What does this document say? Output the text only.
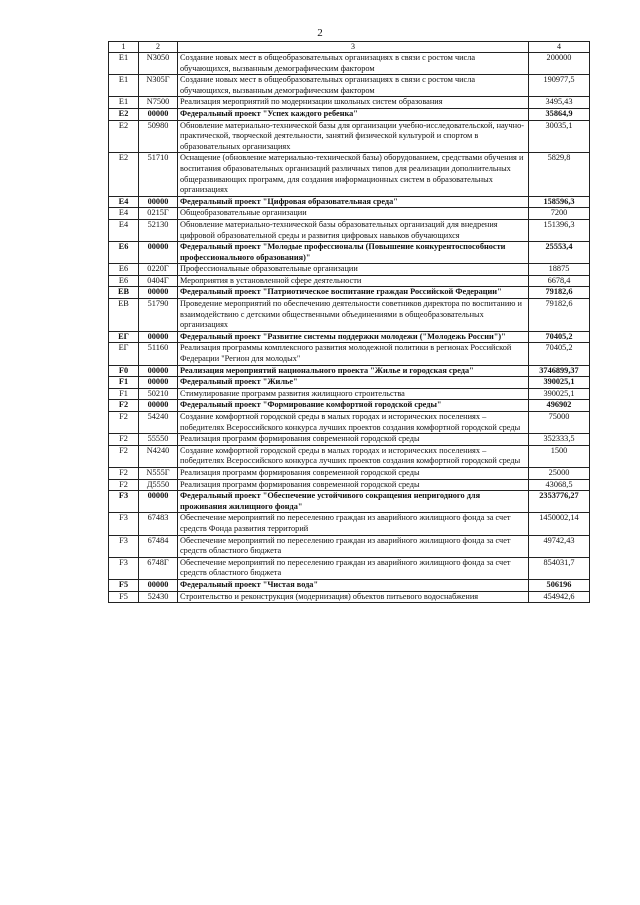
2
1	2	3	4
E1	N3050	Создание новых мест в общеобразовательных организациях в связи с ростом числа обучающихся, вызванным демографическим фактором	200000
E1	N305Г	Создание новых мест в общеобразовательных организациях в связи с ростом числа обучающихся, вызванным демографическим фактором	190977,5
E1	N7500	Реализация мероприятий по модернизации школьных систем образования	3495,43
E2	00000	Федеральный проект "Успех каждого ребенка"	35864,9
E2	50980	Обновление материально-технической базы для организации учебно-исследовательской, научно-практической, творческой деятельности, занятий физической культурой и спортом в образовательных организациях	30035,1
E2	51710	Оснащение (обновление материально-технической базы) оборудованием, средствами обучения и воспитания образовательных организаций различных типов для реализации дополнительных общеразвивающих программ, для создания информационных систем в образовательных организациях	5829,8
E4	00000	Федеральный проект "Цифровая образовательная среда"	158596,3
E4	0215Г	Общеобразовательные организации	7200
E4	52130	Обновление материально-технической базы образовательных организаций для внедрения цифровой образовательной среды и развития цифровых навыков обучающихся	151396,3
E6	00000	Федеральный проект "Молодые профессионалы (Повышение конкурентоспособности профессионального образования)"	25553,4
E6	0220Г	Профессиональные образовательные организации	18875
E6	0404Г	Мероприятия в установленной сфере деятельности	6678,4
EВ	00000	Федеральный проект "Патриотическое воспитание граждан Российской Федерации"	79182,6
EВ	51790	Проведение мероприятий по обеспечению деятельности советников директора по воспитанию и взаимодействию с детскими общественными объединениями в общеобразовательных организациях	79182,6
EГ	00000	Федеральный проект "Развитие системы поддержки молодежи ("Молодежь России")"	70405,2
EГ	51160	Реализация программы комплексного развития молодежной политики в регионах Российской Федерации "Регион для молодых"	70405,2
F0	00000	Реализация мероприятий национального проекта "Жилье и городская среда"	3746899,37
F1	00000	Федеральный проект "Жилье"	390025,1
F1	50210	Стимулирование программ развития жилищного строительства	390025,1
F2	00000	Федеральный проект "Формирование комфортной городской среды"	496902
F2	54240	Создание комфортной городской среды в малых городах и исторических поселениях – победителях Всероссийского конкурса лучших проектов создания комфортной городской среды	75000
F2	55550	Реализация программ формирования современной городской среды	352333,5
F2	N4240	Создание комфортной городской среды в малых городах и исторических поселениях – победителях Всероссийского конкурса лучших проектов создания комфортной городской среды	1500
F2	N555Г	Реализация программ формирования современной городской среды	25000
F2	Д5550	Реализация программ формирования современной городской среды	43068,5
F3	00000	Федеральный проект "Обеспечение устойчивого сокращения непригодного для проживания жилищного фонда"	2353776,27
F3	67483	Обеспечение мероприятий по переселению граждан из аварийного жилищного фонда за счет средств Фонда развития территорий	1450002,14
F3	67484	Обеспечение мероприятий по переселению граждан из аварийного жилищного фонда за счет средств областного бюджета	49742,43
F3	6748Г	Обеспечение мероприятий по переселению граждан из аварийного жилищного фонда за счет средств областного бюджета	854031,7
F5	00000	Федеральный проект "Чистая вода"	506196
F5	52430	Строительство и реконструкция (модернизация) объектов питьевого водоснабжения	454942,6
